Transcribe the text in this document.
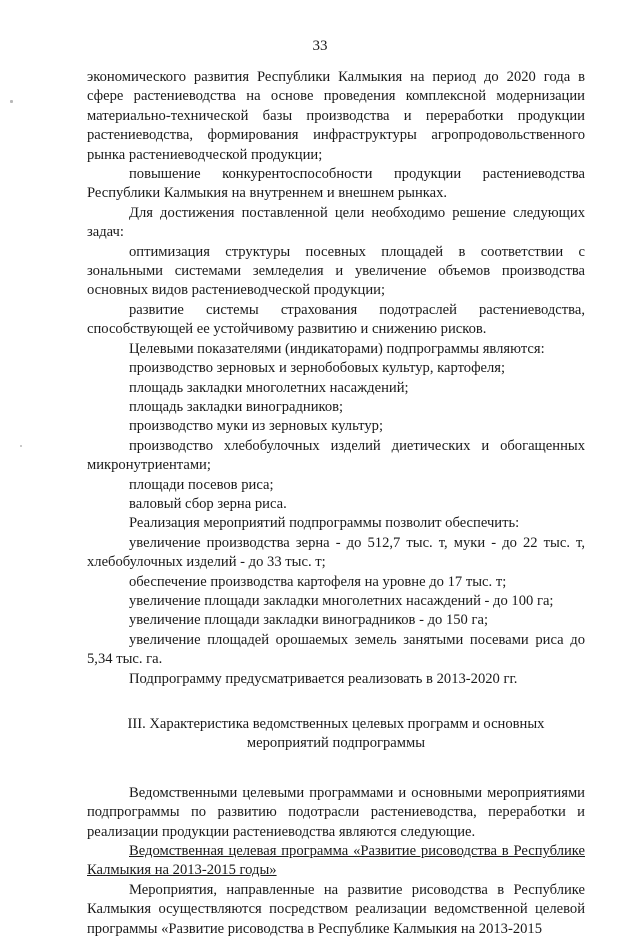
33

экономического развития Республики Калмыкия на период до 2020 года в сфере растениеводства на основе проведения комплексной модернизации материально-технической базы производства и переработки продукции растениеводства, формирования инфраструктуры агропродовольственного рынка растениеводческой продукции;

повышение конкурентоспособности продукции растениеводства Республики Калмыкия на внутреннем и внешнем рынках.

Для достижения поставленной цели необходимо решение следующих задач:

оптимизация структуры посевных площадей в соответствии с зональными системами земледелия и увеличение объемов производства основных видов растениеводческой продукции;

развитие системы страхования подотраслей растениеводства, способствующей ее устойчивому развитию и снижению рисков.

Целевыми показателями (индикаторами) подпрограммы являются:

производство зерновых и зернобобовых культур, картофеля;

площадь закладки многолетних насаждений;

площадь закладки виноградников;

производство муки из зерновых культур;

производство хлебобулочных изделий диетических и обогащенных микронутриентами;

площади посевов риса;

валовый сбор зерна риса.

Реализация мероприятий подпрограммы позволит обеспечить:

увеличение производства зерна - до 512,7 тыс. т, муки - до 22 тыс. т, хлебобулочных изделий - до 33 тыс. т;

обеспечение производства картофеля на уровне до 17 тыс. т;

увеличение площади закладки многолетних насаждений - до 100 га;

увеличение площади закладки виноградников - до 150 га;

увеличение площадей орошаемых земель занятыми посевами риса до 5,34 тыс. га.

Подпрограмму предусматривается реализовать в 2013-2020 гг.

III. Характеристика ведомственных целевых программ и основных мероприятий подпрограммы

Ведомственными целевыми программами и основными мероприятиями подпрограммы по развитию подотрасли растениеводства, переработки и реализации продукции растениеводства являются следующие.

Ведомственная целевая программа «Развитие рисоводства в Республике Калмыкия на 2013-2015 годы»

Мероприятия, направленные на развитие рисоводства в Республике Калмыкия осуществляются посредством реализации ведомственной целевой программы «Развитие рисоводства в Республике Калмыкия на 2013-2015
